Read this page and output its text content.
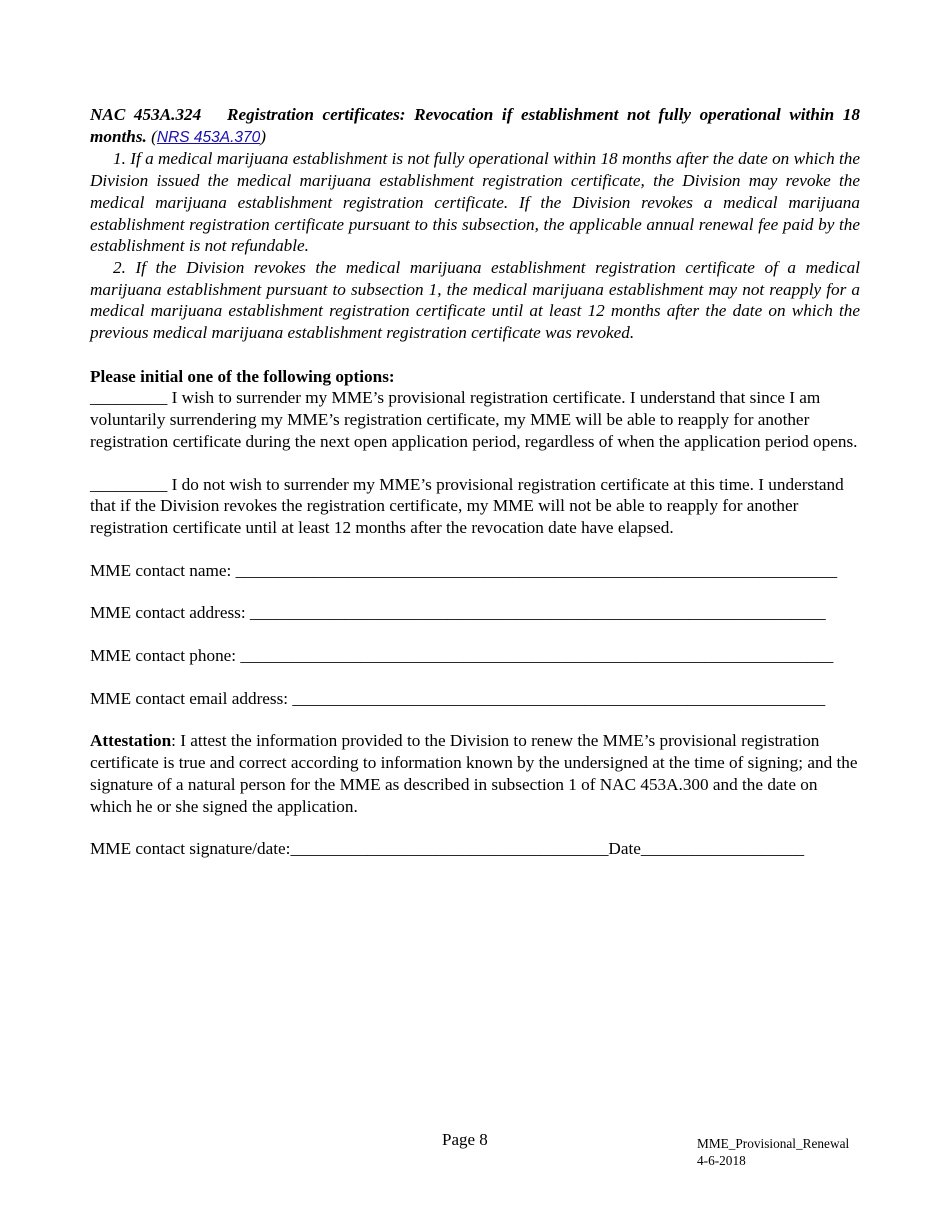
NAC 453A.324 Registration certificates: Revocation if establishment not fully operational within 18 months. (NRS 453A.370)

1. If a medical marijuana establishment is not fully operational within 18 months after the date on which the Division issued the medical marijuana establishment registration certificate, the Division may revoke the medical marijuana establishment registration certificate. If the Division revokes a medical marijuana establishment registration certificate pursuant to this subsection, the applicable annual renewal fee paid by the establishment is not refundable.

2. If the Division revokes the medical marijuana establishment registration certificate of a medical marijuana establishment pursuant to subsection 1, the medical marijuana establishment may not reapply for a medical marijuana establishment registration certificate until at least 12 months after the date on which the previous medical marijuana establishment registration certificate was revoked.

Please initial one of the following options:

_________ I wish to surrender my MME’s provisional registration certificate. I understand that since I am voluntarily surrendering my MME’s registration certificate, my MME will be able to reapply for another registration certificate during the next open application period, regardless of when the application period opens.

_________ I do not wish to surrender my MME’s provisional registration certificate at this time. I understand that if the Division revokes the registration certificate, my MME will not be able to reapply for another registration certificate until at least 12 months after the revocation date have elapsed.

MME contact name: ______________________________________________________________________
MME contact address: ___________________________________________________________________
MME contact phone: _____________________________________________________________________
MME contact email address: ______________________________________________________________

Attestation: I attest the information provided to the Division to renew the MME’s provisional registration certificate is true and correct according to information known by the undersigned at the time of signing; and the signature of a natural person for the MME as described in subsection 1 of NAC 453A.300 and the date on which he or she signed the application.

MME contact signature/date:_____________________________________Date___________________
Page 8	MME_Provisional_Renewal
4-6-2018
